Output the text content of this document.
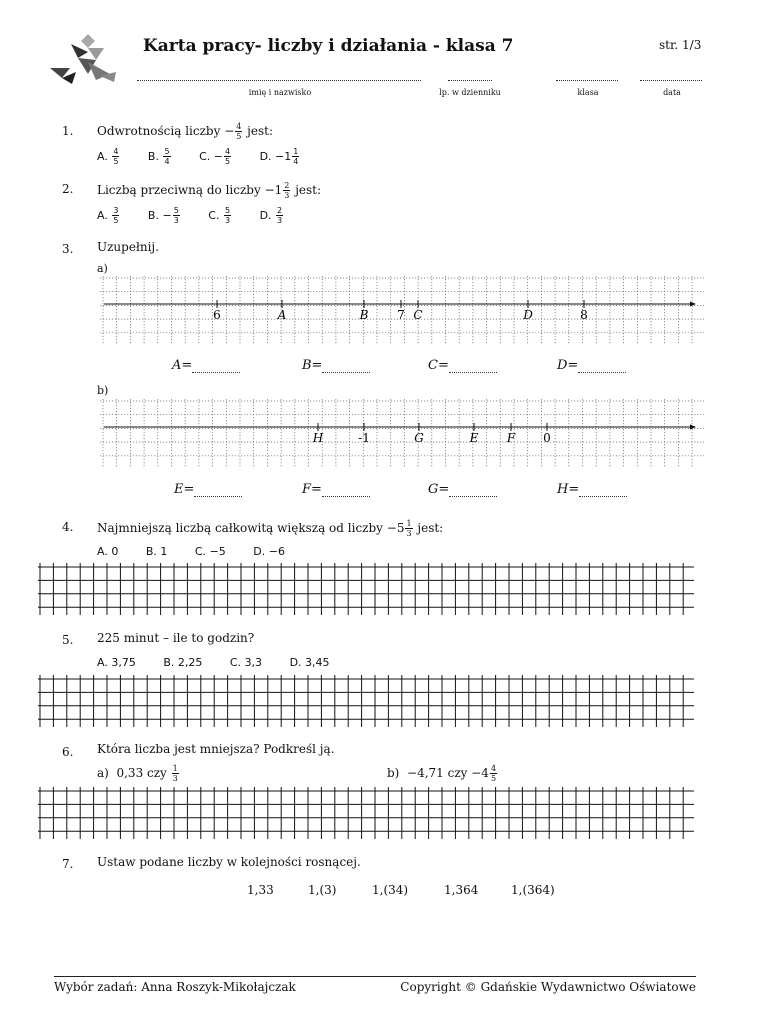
Karta pracy- liczby i działania - klasa 7	str. 1/3
imię i nazwisko	lp. w dzienniku	klasa	data
1. Odwrotnością liczby − $\frac{4}{5}$ jest:
A. $\frac{4}{5}$	B. $\frac{5}{4}$	C. − $\frac{4}{5}$	D. $-1 \frac{1}{4}$
2. Liczbą przeciwną do liczby $-1 \frac{2}{3}$ jest:
A. $\frac{3}{5}$	B. − $\frac{5}{3}$	C. $\frac{5}{3}$	D. $\frac{2}{3}$
3. Uzupełnij.
a)
6	A	B 7 C	D	8
A=	B=	C=	D=
b)
H	-1	G	E F 0
E=	F=	G=	H=
4. Najmniejszą liczbą całkowitą większą od liczby $-5 \frac{1}{3}$ jest:
A. 0	B. 1	C. −5	D. −6
5. 225 minut – ile to godzin?
A. 3,75	B. 2,25	C. 3,3	D. 3,45
6. Która liczba jest mniejsza? Podkreśl ją.
a) 0,33 czy $\frac{1}{3}$	b) −4,71 czy $-4 \frac{4}{5}$
7. Ustaw podane liczby w kolejności rosnącej.
1,33	1,(3)	1,(34)	1,364	1,(364)
Wybór zadań: Anna Roszyk-Mikołajczak	Copyright © Gdańskie Wydawnictwo Oświatowe
